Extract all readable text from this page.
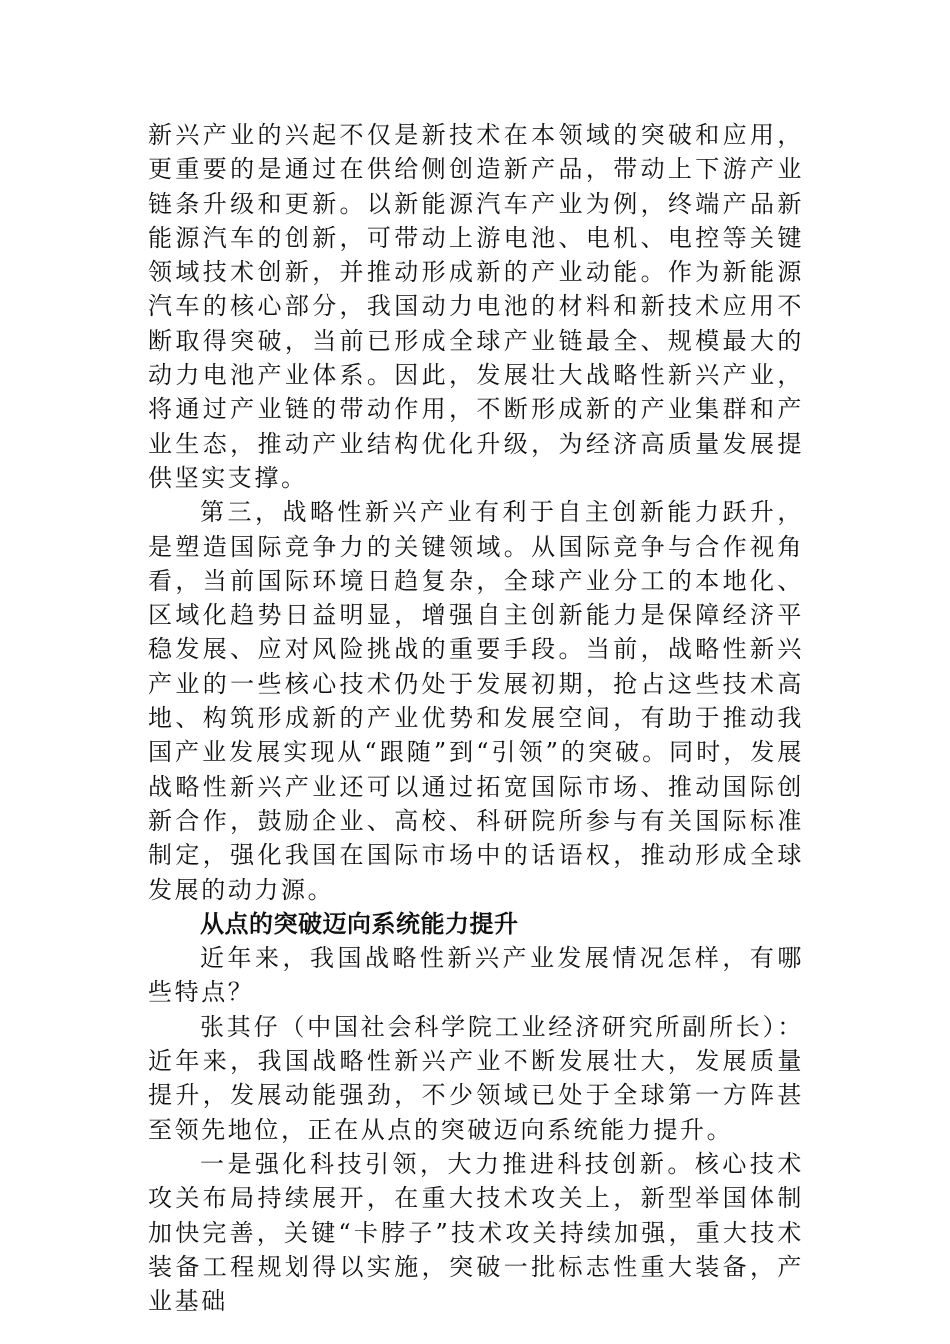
新兴产业的兴起不仅是新技术在本领域的突破和应用，更重要的是通过在供给侧创造新产品，带动上下游产业链条升级和更新。以新能源汽车产业为例，终端产品新能源汽车的创新，可带动上游电池、电机、电控等关键领域技术创新，并推动形成新的产业动能。作为新能源汽车的核心部分，我国动力电池的材料和新技术应用不断取得突破，当前已形成全球产业链最全、规模最大的动力电池产业体系。因此，发展壮大战略性新兴产业，将通过产业链的带动作用，不断形成新的产业集群和产业生态，推动产业结构优化升级，为经济高质量发展提供坚实支撑。

第三，战略性新兴产业有利于自主创新能力跃升，是塑造国际竞争力的关键领域。从国际竞争与合作视角看，当前国际环境日趋复杂，全球产业分工的本地化、区域化趋势日益明显，增强自主创新能力是保障经济平稳发展、应对风险挑战的重要手段。当前，战略性新兴产业的一些核心技术仍处于发展初期，抢占这些技术高地、构筑形成新的产业优势和发展空间，有助于推动我国产业发展实现从“跟随”到“引领”的突破。同时，发展战略性新兴产业还可以通过拓宽国际市场、推动国际创新合作，鼓励企业、高校、科研院所参与有关国际标准制定，强化我国在国际市场中的话语权，推动形成全球发展的动力源。

从点的突破迈向系统能力提升

近年来，我国战略性新兴产业发展情况怎样，有哪些特点？

张其仔（中国社会科学院工业经济研究所副所长）：近年来，我国战略性新兴产业不断发展壮大，发展质量提升，发展动能强劲，不少领域已处于全球第一方阵甚至领先地位，正在从点的突破迈向系统能力提升。

一是强化科技引领，大力推进科技创新。核心技术攻关布局持续展开，在重大技术攻关上，新型举国体制加快完善，关键“卡脖子”技术攻关持续加强，重大技术装备工程规划得以实施，突破一批标志性重大装备，产业基础
